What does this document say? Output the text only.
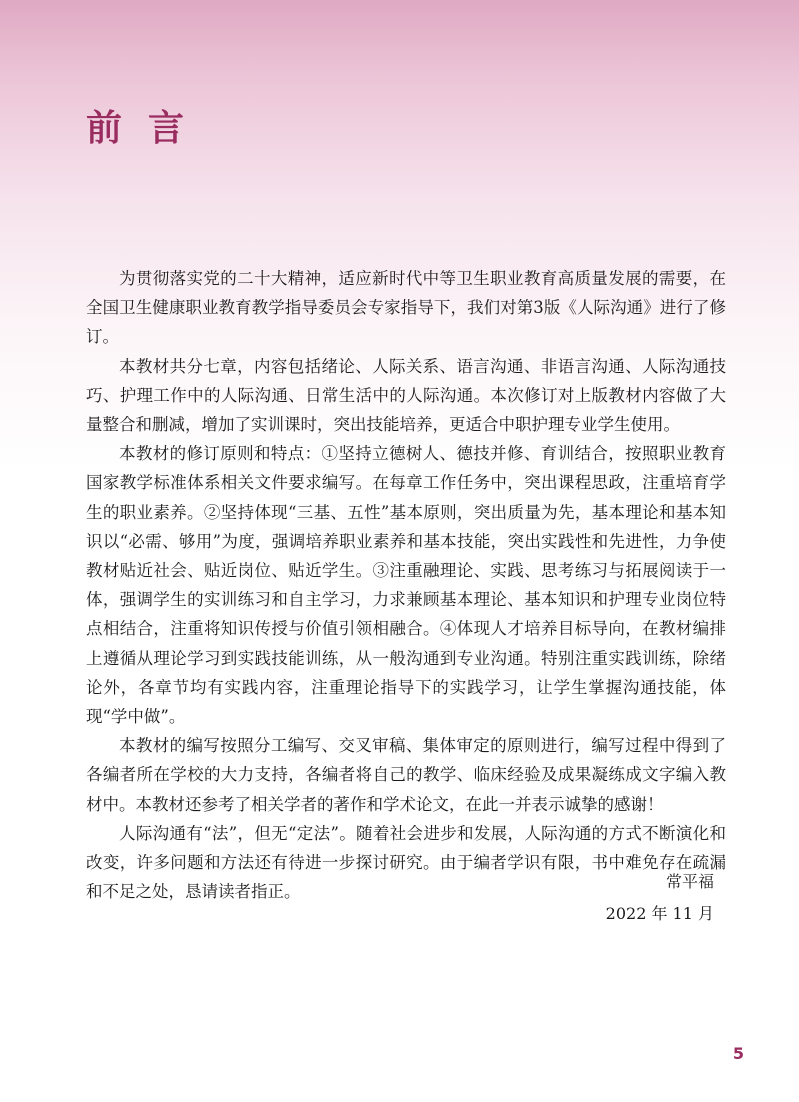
前言

为贯彻落实党的二十大精神，适应新时代中等卫生职业教育高质量发展的需要，在全国卫生健康职业教育教学指导委员会专家指导下，我们对第3版《人际沟通》进行了修订。

本教材共分七章，内容包括绪论、人际关系、语言沟通、非语言沟通、人际沟通技巧、护理工作中的人际沟通、日常生活中的人际沟通。本次修订对上版教材内容做了大量整合和删减，增加了实训课时，突出技能培养，更适合中职护理专业学生使用。

本教材的修订原则和特点：①坚持立德树人、德技并修、育训结合，按照职业教育国家教学标准体系相关文件要求编写。在每章工作任务中，突出课程思政，注重培育学生的职业素养。②坚持体现“三基、五性”基本原则，突出质量为先，基本理论和基本知识以“必需、够用”为度，强调培养职业素养和基本技能，突出实践性和先进性，力争使教材贴近社会、贴近岗位、贴近学生。③注重融理论、实践、思考练习与拓展阅读于一体，强调学生的实训练习和自主学习，力求兼顾基本理论、基本知识和护理专业岗位特点相结合，注重将知识传授与价值引领相融合。④体现人才培养目标导向，在教材编排上遵循从理论学习到实践技能训练，从一般沟通到专业沟通。特别注重实践训练，除绪论外，各章节均有实践内容，注重理论指导下的实践学习，让学生掌握沟通技能，体现“学中做”。

本教材的编写按照分工编写、交叉审稿、集体审定的原则进行，编写过程中得到了各编者所在学校的大力支持，各编者将自己的教学、临床经验及成果凝练成文字编入教材中。本教材还参考了相关学者的著作和学术论文，在此一并表示诚挚的感谢！

人际沟通有“法”，但无“定法”。随着社会进步和发展，人际沟通的方式不断演化和改变，许多问题和方法还有待进一步探讨研究。由于编者学识有限，书中难免存在疏漏和不足之处，恳请读者指正。

常平福
2022 年 11 月
5
